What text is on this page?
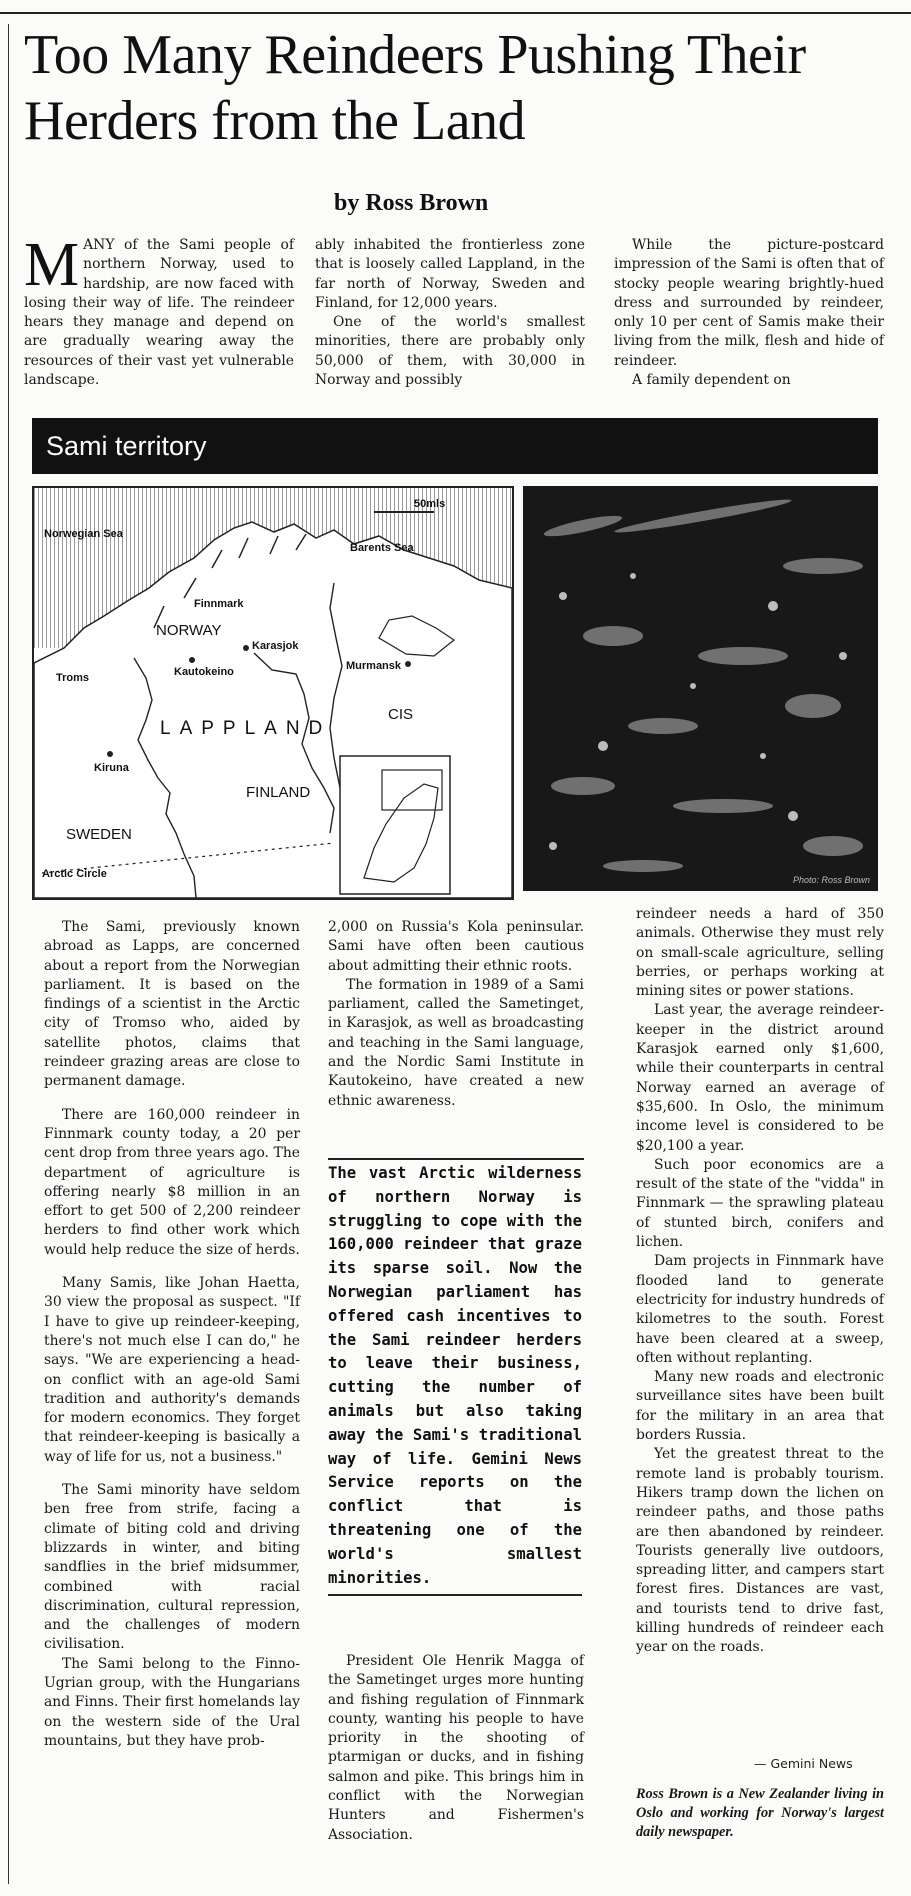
Too Many Reindeers Pushing Their Herders from the Land
by Ross Brown

MANY of the Sami people of northern Norway, used to hardship, are now faced with losing their way of life. The reindeer hears they manage and depend on are gradually wearing away the resources of their vast yet vulnerable landscape.

ably inhabited the frontierless zone that is loosely called Lappland, in the far north of Norway, Sweden and Finland, for 12,000 years.

One of the world's smallest minorities, there are probably only 50,000 of them, with 30,000 in Norway and possibly

While the picture-postcard impression of the Sami is often that of stocky people wearing brightly-hued dress and surrounded by reindeer, only 10 per cent of Samis make their living from the milk, flesh and hide of reindeer.

A family dependent on

Sami territory
50mls
Norwegian Sea
Barents Sea
Finnmark
NORWAY
Karasjok
Kautokeino
Troms
Murmansk
LAPPLAND
CIS
Kiruna
FINLAND
SWEDEN
Arctic Circle	Photo: Ross Brown

The Sami, previously known abroad as Lapps, are concerned about a report from the Norwegian parliament. It is based on the findings of a scientist in the Arctic city of Tromso who, aided by satellite photos, claims that reindeer grazing areas are close to permanent damage.

There are 160,000 reindeer in Finnmark county today, a 20 per cent drop from three years ago. The department of agriculture is offering nearly $8 million in an effort to get 500 of 2,200 reindeer herders to find other work which would help reduce the size of herds.

Many Samis, like Johan Haetta, 30 view the proposal as suspect. "If I have to give up reindeer-keeping, there's not much else I can do," he says. "We are experiencing a head-on conflict with an age-old Sami tradition and authority's demands for modern economics. They forget that reindeer-keeping is basically a way of life for us, not a business."

The Sami minority have seldom ben free from strife, facing a climate of biting cold and driving blizzards in winter, and biting sandflies in the brief midsummer, combined with racial discrimination, cultural repression, and the challenges of modern civilisation.

The Sami belong to the Finno-Ugrian group, with the Hungarians and Finns. Their first homelands lay on the western side of the Ural mountains, but they have prob-

2,000 on Russia's Kola peninsular. Sami have often been cautious about admitting their ethnic roots.

The formation in 1989 of a Sami parliament, called the Sametinget, in Karasjok, as well as broadcasting and teaching in the Sami language, and the Nordic Sami Institute in Kautokeino, have created a new ethnic awareness.

The vast Arctic wilderness of northern Norway is struggling to cope with the 160,000 reindeer that graze its sparse soil. Now the Norwegian parliament has offered cash incentives to the Sami reindeer herders to leave their business, cutting the number of animals but also taking away the Sami's traditional way of life. Gemini News Service reports on the conflict that is threatening one of the world's smallest minorities.

President Ole Henrik Magga of the Sametinget urges more hunting and fishing regulation of Finnmark county, wanting his people to have priority in the shooting of ptarmigan or ducks, and in fishing salmon and pike. This brings him in conflict with the Norwegian Hunters and Fishermen's Association.

reindeer needs a hard of 350 animals. Otherwise they must rely on small-scale agriculture, selling berries, or perhaps working at mining sites or power stations.

Last year, the average reindeer-keeper in the district around Karasjok earned only $1,600, while their counterparts in central Norway earned an average of $35,600. In Oslo, the minimum income level is considered to be $20,100 a year.

Such poor economics are a result of the state of the "vidda" in Finnmark — the sprawling plateau of stunted birch, conifers and lichen.

Dam projects in Finnmark have flooded land to generate electricity for industry hundreds of kilometres to the south. Forest have been cleared at a sweep, often without replanting.

Many new roads and electronic surveillance sites have been built for the military in an area that borders Russia.

Yet the greatest threat to the remote land is probably tourism. Hikers tramp down the lichen on reindeer paths, and those paths are then abandoned by reindeer. Tourists generally live outdoors, spreading litter, and campers start forest fires. Distances are vast, and tourists tend to drive fast, killing hundreds of reindeer each year on the roads.

— Gemini News
Ross Brown is a New Zealander living in Oslo and working for Norway's largest daily newspaper.
